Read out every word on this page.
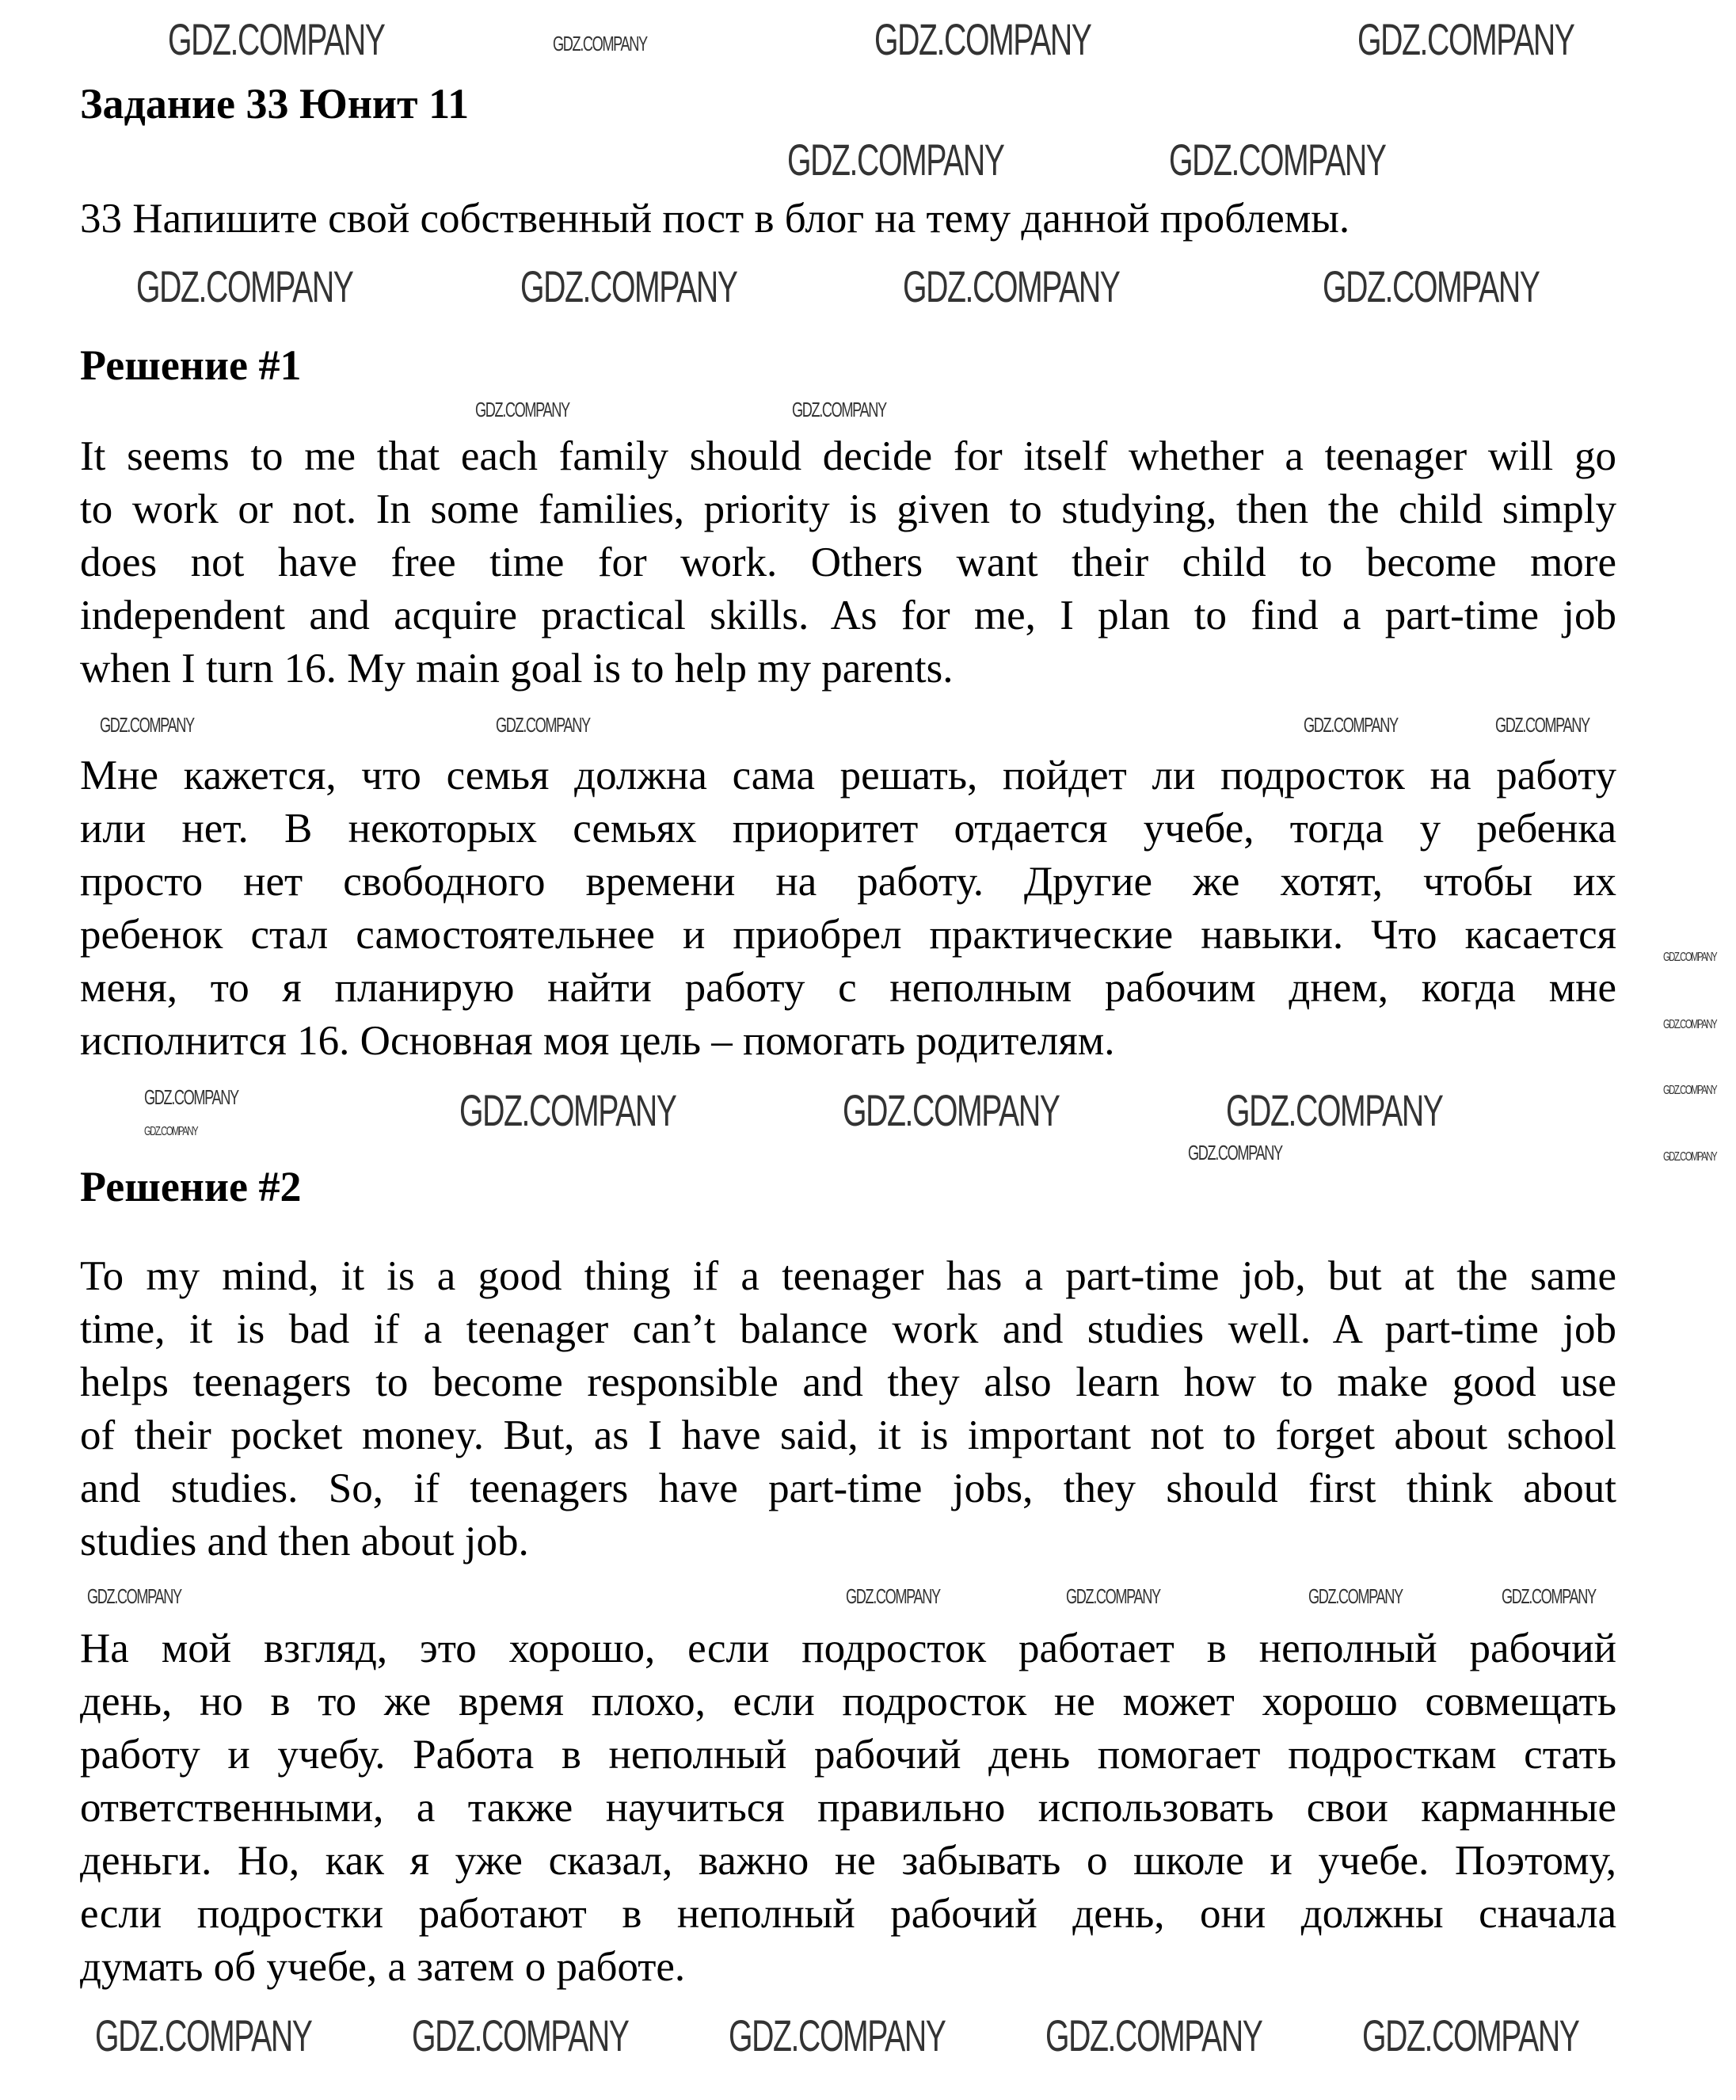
Задание 33 Юнит 11
33 Напишите свой собственный пост в блог на тему данной проблемы.
Решение #1
It seems to me that each family should decide for itself whether a teenager will go
to work or not. In some families, priority is given to studying, then the child simply
does not have free time for work. Others want their child to become more
independent and acquire practical skills. As for me, I plan to find a part-time job
when I turn 16. My main goal is to help my parents.
Мне кажется, что семья должна сама решать, пойдет ли подросток на работу
или нет. В некоторых семьях приоритет отдается учебе, тогда у ребенка
просто нет свободного времени на работу. Другие же хотят, чтобы их
ребенок стал самостоятельнее и приобрел практические навыки. Что касается
меня, то я планирую найти работу с неполным рабочим днем, когда мне
исполнится 16. Основная моя цель – помогать родителям.
Решение #2
To my mind, it is a good thing if a teenager has a part-time job, but at the same
time, it is bad if a teenager can’t balance work and studies well. A part-time job
helps teenagers to become responsible and they also learn how to make good use
of their pocket money. But, as I have said, it is important not to forget about school
and studies. So, if teenagers have part-time jobs, they should first think about
studies and then about job.
На мой взгляд, это хорошо, если подросток работает в неполный рабочий
день, но в то же время плохо, если подросток не может хорошо совмещать
работу и учебу. Работа в неполный рабочий день помогает подросткам стать
ответственными, а также научиться правильно использовать свои карманные
деньги. Но, как я уже сказал, важно не забывать о школе и учебе. Поэтому,
если подростки работают в неполный рабочий день, они должны сначала
думать об учебе, а затем о работе.
GDZ.COMPANY	GDZ.COMPANY	GDZ.COMPANY	GDZ.COMPANY
GDZ.COMPANY	GDZ.COMPANY
GDZ.COMPANY	GDZ.COMPANY	GDZ.COMPANY	GDZ.COMPANY
GDZ.COMPANY	GDZ.COMPANY
GDZ.COMPANY	GDZ.COMPANY	GDZ.COMPANY	GDZ.COMPANY
GDZ.COMPANY
GDZ.COMPANY
GDZ.COMPANY
GDZ.COMPANY
GDZ.COMPANY	GDZ.COMPANY	GDZ.COMPANY
GDZ.COMPANY
GDZ.COMPANY
GDZ.COMPANY
GDZ.COMPANY	GDZ.COMPANY	GDZ.COMPANY	GDZ.COMPANY	GDZ.COMPANY
GDZ.COMPANY GDZ.COMPANY GDZ.COMPANY GDZ.COMPANY GDZ.COMPANY
